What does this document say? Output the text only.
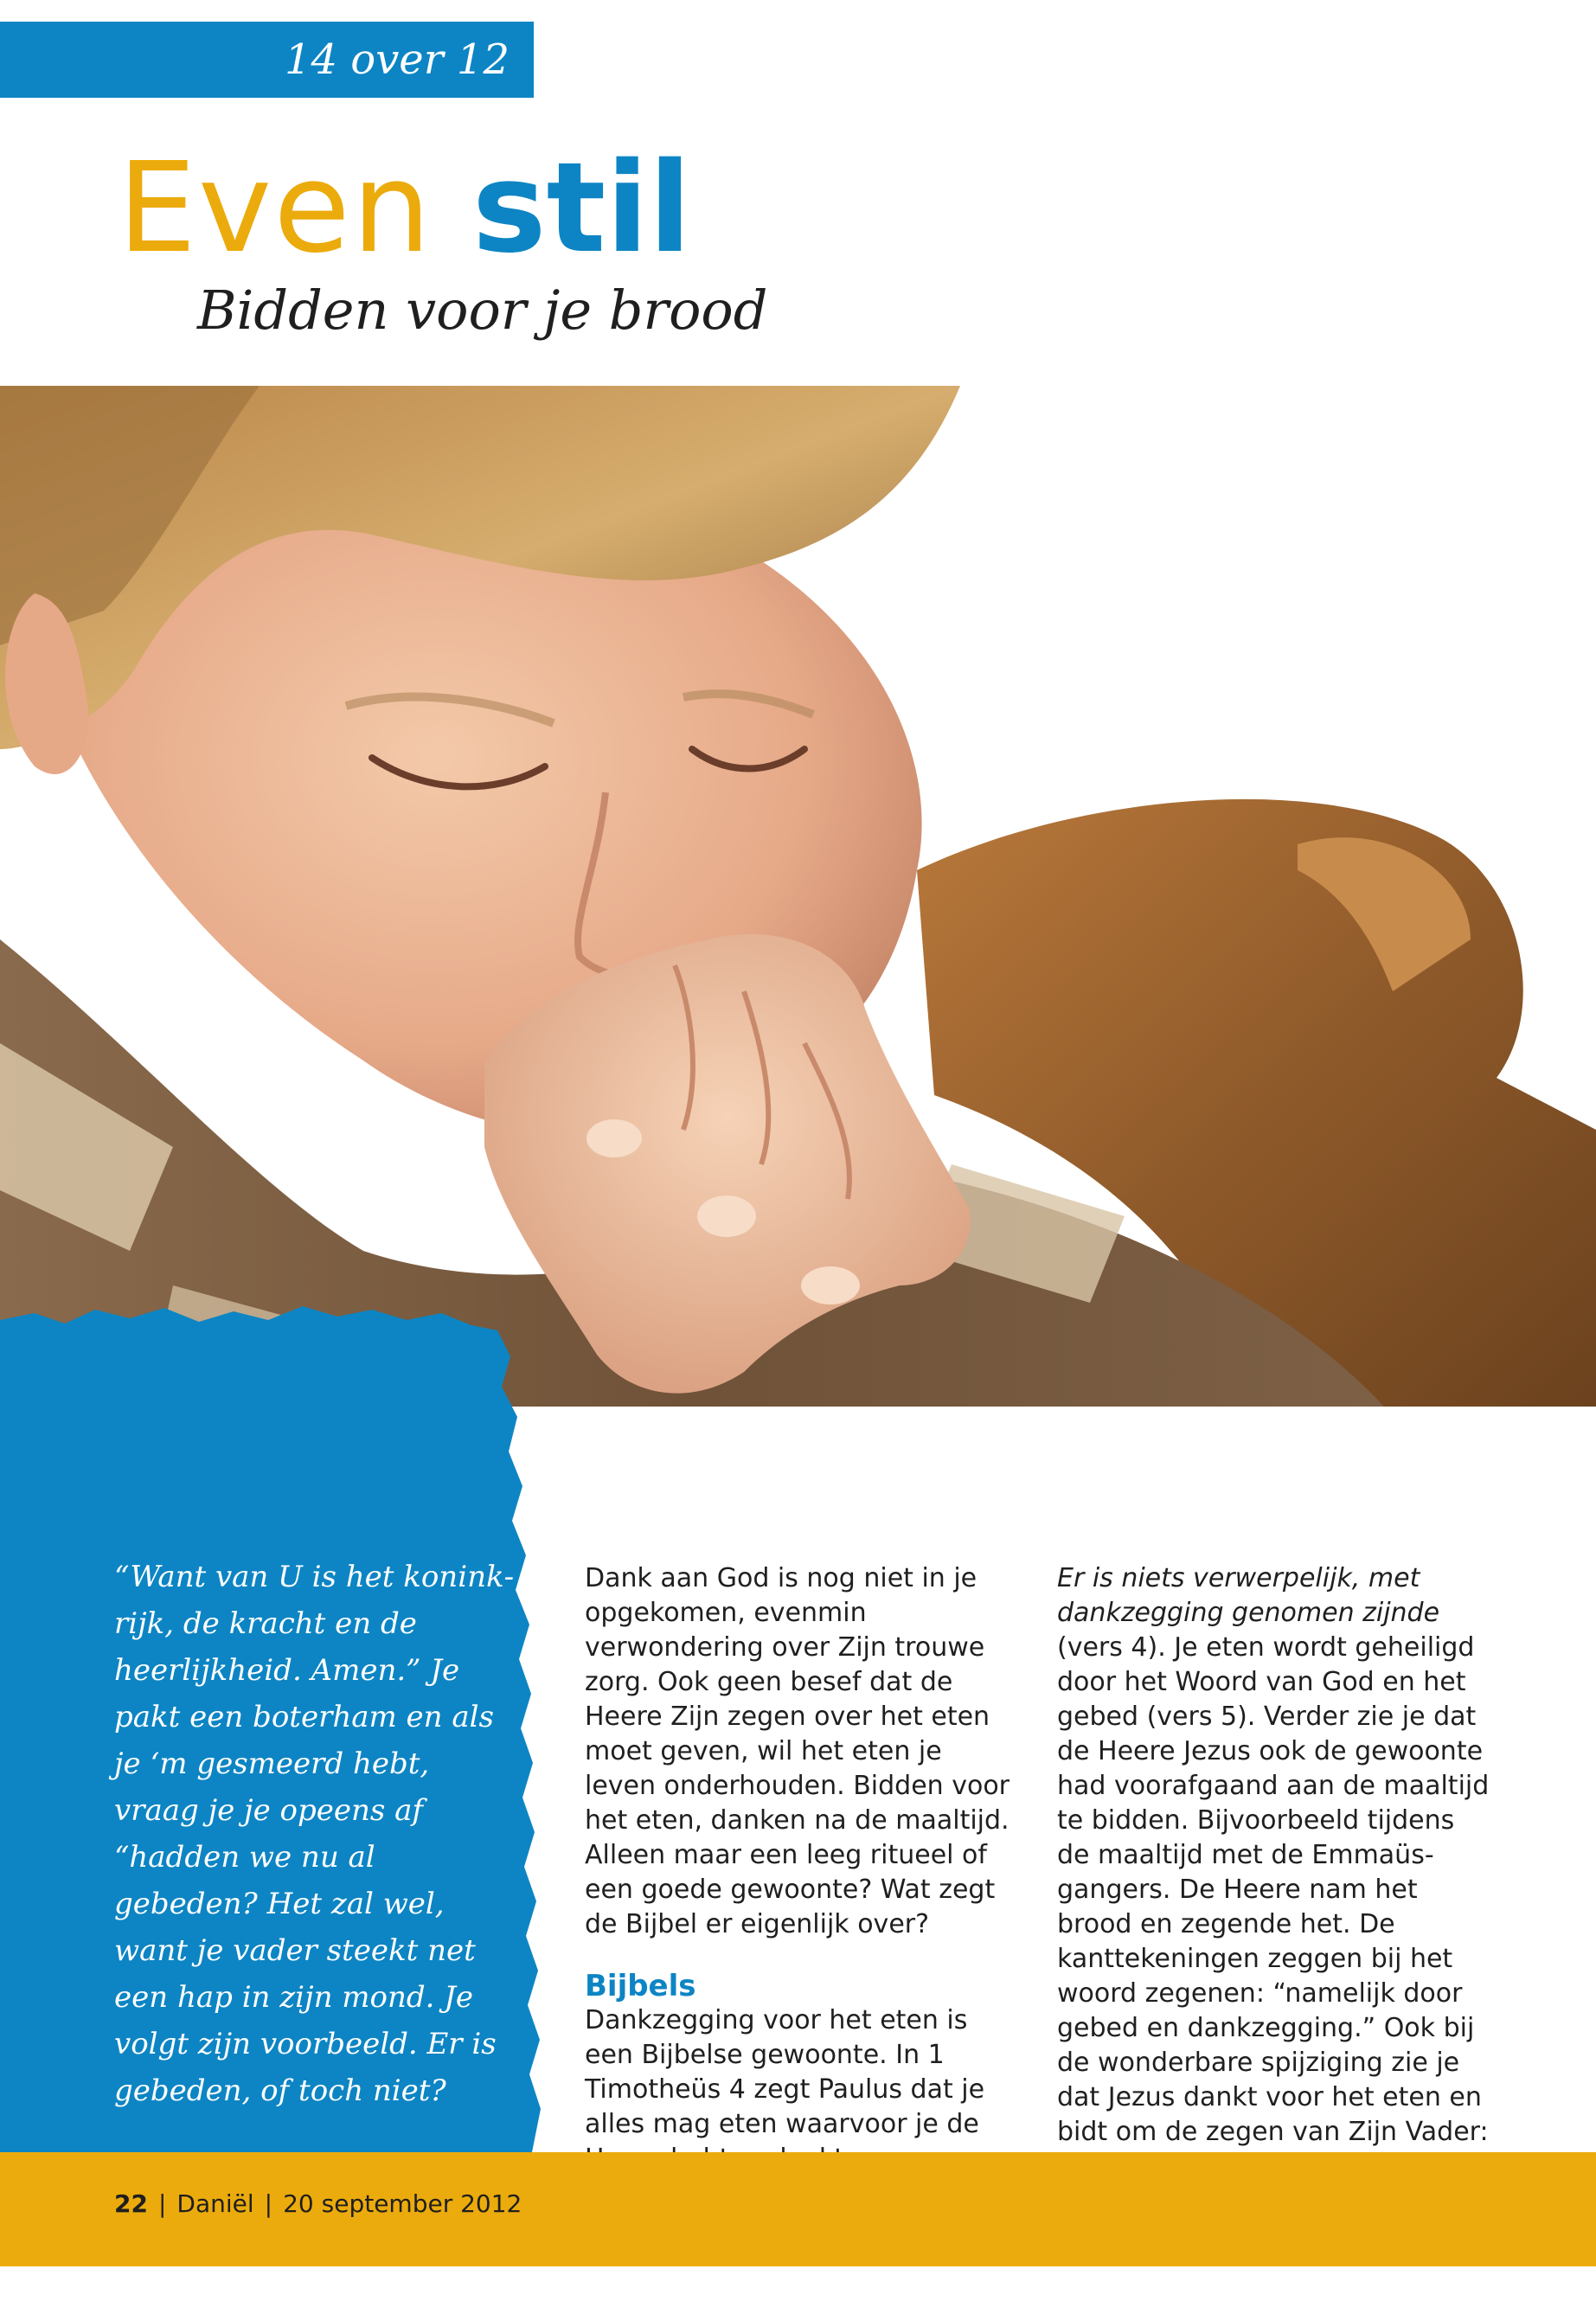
14 over 12
Even stil
Bidden voor je brood
“Want van U is het koninkrijk, de kracht en de heerlijkheid. Amen.” Je pakt een boterham en als je ‘m gesmeerd hebt, vraag je je opeens af “hadden we nu al gebeden? Het zal wel, want je vader steekt net een hap in zijn mond. Je volgt zijn voorbeeld. Er is gebeden, of toch niet?

Dank aan God is nog niet in je opgekomen, evenmin verwondering over Zijn trouwe zorg. Ook geen besef dat de Heere Zijn zegen over het eten moet geven, wil het eten je leven onderhouden. Bidden voor het eten, danken na de maaltijd. Alleen maar een leeg ritueel of een goede gewoonte? Wat zegt de Bijbel er eigenlijk over?

Bijbels

Dankzegging voor het eten is een Bijbelse gewoonte. In 1 Timotheüs 4 zegt Paulus dat je alles mag eten waarvoor je de

Er is niets verwerpelijk, met dankzegging genomen zijnde (vers 4). Je eten wordt geheiligd door het Woord van God en het gebed (vers 5). Verder zie je dat de Heere Jezus ook de gewoonte had voorafgaand aan de maaltijd te bidden. Bijvoorbeeld tijdens de maaltijd met de Emmaüsgangers. De Heere nam het brood en zegende het. De kanttekeningen zeggen bij het woord zegenen: “namelijk door gebed en dankzegging.” Ook bij de wonderbare spijziging zie je dat Jezus dankt voor het eten en bidt om de zegen van Zijn Vader:

22 | Daniël | 20 september 2012
